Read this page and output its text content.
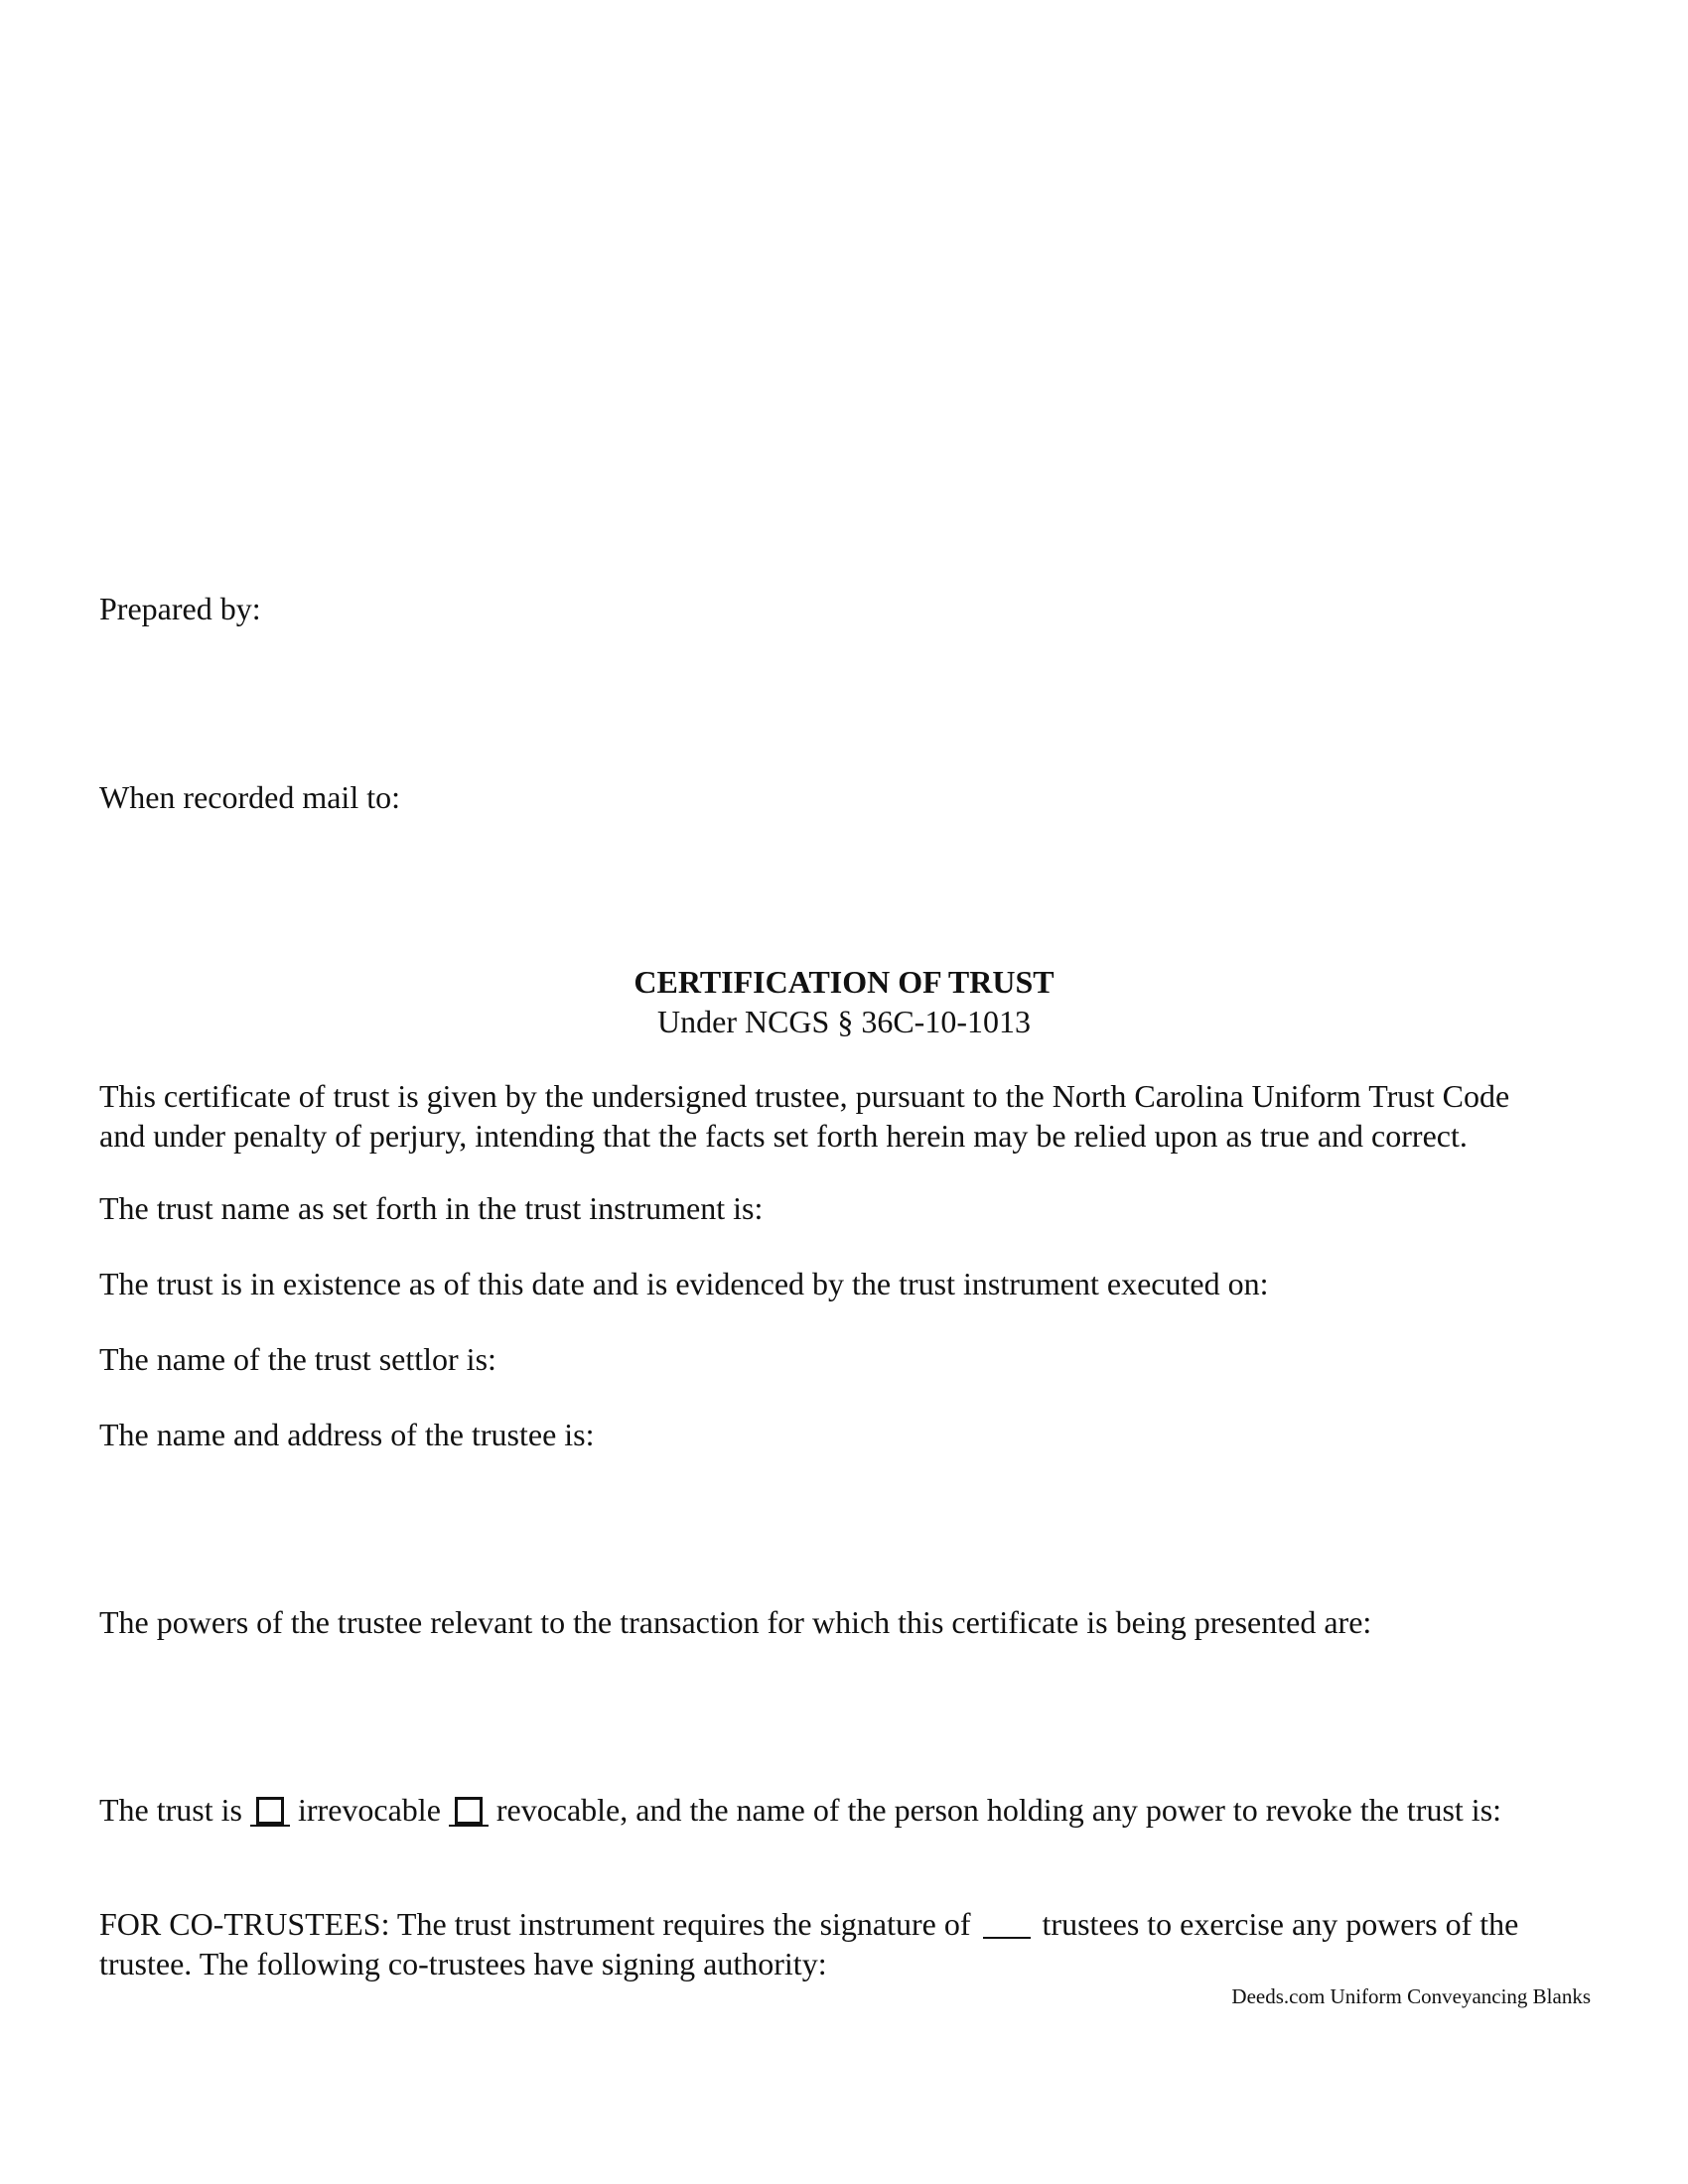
Prepared by:
When recorded mail to:
CERTIFICATION OF TRUST
Under NCGS § 36C-10-1013
This certificate of trust is given by the undersigned trustee, pursuant to the North Carolina Uniform Trust Code
and under penalty of perjury, intending that the facts set forth herein may be relied upon as true and correct.
The trust name as set forth in the trust instrument is:
The trust is in existence as of this date and is evidenced by the trust instrument executed on:
The name of the trust settlor is:
The name and address of the trustee is:
The powers of the trustee relevant to the transaction for which this certificate is being presented are:
The trust is irrevocable revocable, and the name of the person holding any power to revoke the trust is:
FOR CO-TRUSTEES: The trust instrument requires the signature of trustees to exercise any powers of the
trustee. The following co-trustees have signing authority:
Deeds.com Uniform Conveyancing Blanks
